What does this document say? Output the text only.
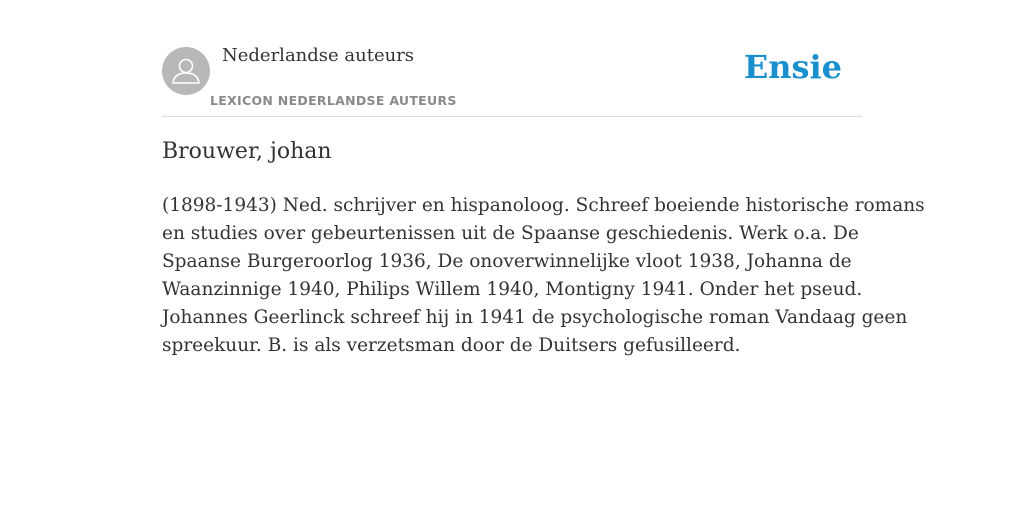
Nederlandse auteurs
LEXICON NEDERLANDSE AUTEURS
Ensie
Brouwer, johan

(1898-1943) Ned. schrijver en hispanoloog. Schreef boeiende historische romans
en studies over gebeurtenissen uit de Spaanse geschiedenis. Werk o.a. De
Spaanse Burgeroorlog 1936, De onoverwinnelijke vloot 1938, Johanna de
Waanzinnige 1940, Philips Willem 1940, Montigny 1941. Onder het pseud.
Johannes Geerlinck schreef hij in 1941 de psychologische roman Vandaag geen
spreekuur. B. is als verzetsman door de Duitsers gefusilleerd.
